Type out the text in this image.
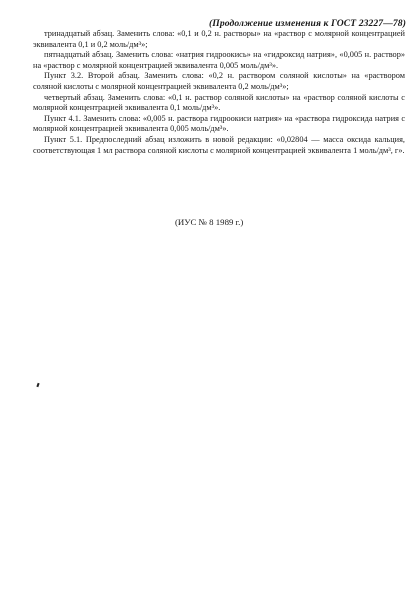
(Продолжение изменения к ГОСТ 23227—78)

тринадцатый абзац. Заменить слова: «0,1 и 0,2 н. растворы» на «раствор с молярной концентрацией эквивалента 0,1 и 0,2 моль/дм³»;

пятнадцатый абзац. Заменить слова: «натрия гидроокись» на «гидроксид натрия», «0,005 н. раствор» на «раствор с молярной концентрацией эквивалента 0,005 моль/дм³».

Пункт 3.2. Второй абзац. Заменить слова: «0,2 н. раствором соляной кислоты» на «раствором соляной кислоты с молярной концентрацией эквивалента 0,2 моль/дм³»;

четвертый абзац. Заменить слова: «0,1 н. раствор соляной кислоты» на «раствор соляной кислоты с молярной концентрацией эквивалента 0,1 моль/дм³».

Пункт 4.1. Заменить слова: «0,005 н. раствора гидроокиси натрия» на «раствора гидроксида натрия с молярной концентрацией эквивалента 0,005 моль/дм³».

Пункт 5.1. Предпоследний абзац изложить в новой редакции: «0,02804 — масса оксида кальция, соответствующая 1 мл раствора соляной кислоты с молярной концентрацией эквивалента 1 моль/дм³, г».

(ИУС № 8 1989 г.)
